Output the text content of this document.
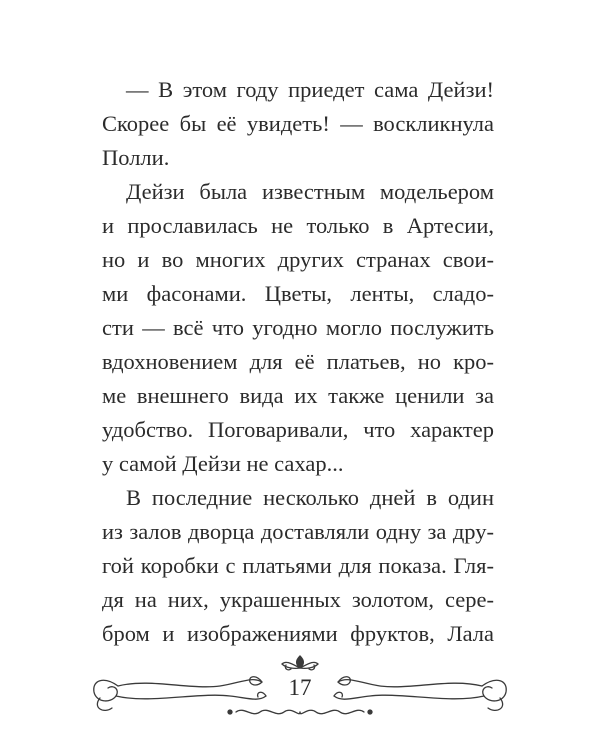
— В этом году приедет сама Дейзи!
Скорее бы её увидеть! — воскликнула
Полли.
Дейзи была известным модельером
и прославилась не только в Артесии,
но и во многих других странах свои-
ми фасонами. Цветы, ленты, сладо-
сти — всё что угодно могло послужить
вдохновением для её платьев, но кро-
ме внешнего вида их также ценили за
удобство. Поговаривали, что характер
у самой Дейзи не сахар...
В последние несколько дней в один
из залов дворца доставляли одну за дру-
гой коробки с платьями для показа. Гля-
дя на них, украшенных золотом, сере-
бром и изображениями фруктов, Лала
17
